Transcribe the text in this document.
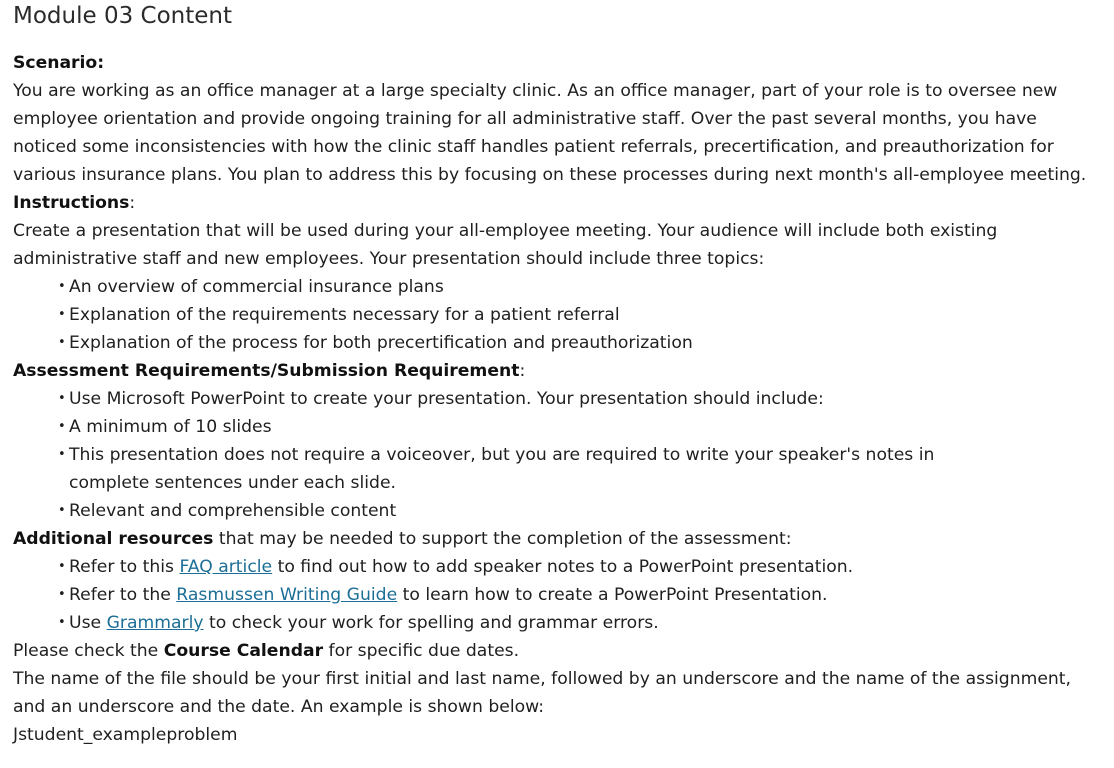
Module 03 Content

Scenario:

You are working as an office manager at a large specialty clinic. As an office manager, part of your role is to oversee new employee orientation and provide ongoing training for all administrative staff. Over the past several months, you have noticed some inconsistencies with how the clinic staff handles patient referrals, precertification, and preauthorization for various insurance plans. You plan to address this by focusing on these processes during next month's all-employee meeting.

Instructions:

Create a presentation that will be used during your all-employee meeting. Your audience will include both existing administrative staff and new employees. Your presentation should include three topics:

• An overview of commercial insurance plans
• Explanation of the requirements necessary for a patient referral
• Explanation of the process for both precertification and preauthorization

Assessment Requirements/Submission Requirement:

• Use Microsoft PowerPoint to create your presentation. Your presentation should include:
• A minimum of 10 slides
• This presentation does not require a voiceover, but you are required to write your speaker's notes in complete sentences under each slide.
• Relevant and comprehensible content

Additional resources that may be needed to support the completion of the assessment:

• Refer to this FAQ article to find out how to add speaker notes to a PowerPoint presentation.
• Refer to the Rasmussen Writing Guide to learn how to create a PowerPoint Presentation.
• Use Grammarly to check your work for spelling and grammar errors.

Please check the Course Calendar for specific due dates.

The name of the file should be your first initial and last name, followed by an underscore and the name of the assignment, and an underscore and the date. An example is shown below:

Jstudent_exampleproblem
